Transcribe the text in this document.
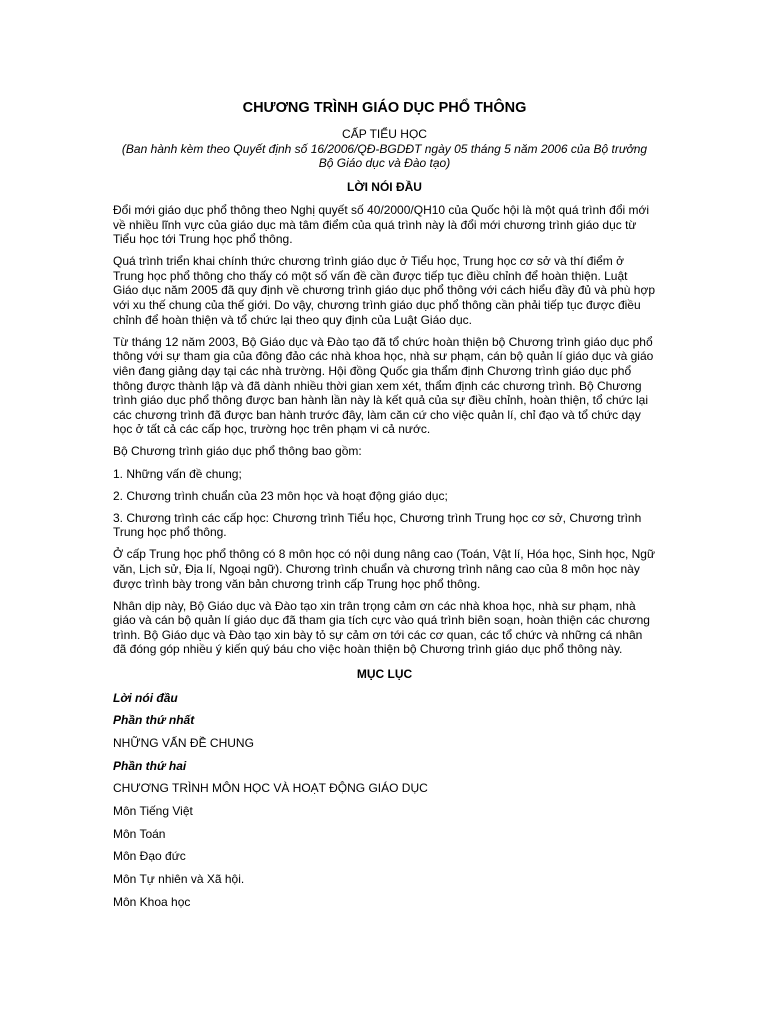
CHƯƠNG TRÌNH GIÁO DỤC PHỔ THÔNG

CẤP TIỂU HỌC

(Ban hành kèm theo Quyết định số 16/2006/QĐ-BGDĐT ngày 05 tháng 5 năm 2006 của Bộ trưởng Bộ Giáo dục và Đào tạo)

LỜI NÓI ĐẦU

Đổi mới giáo dục phổ thông theo Nghị quyết số 40/2000/QH10 của Quốc hội là một quá trình đổi mới về nhiều lĩnh vực của giáo dục mà tâm điểm của quá trình này là đổi mới chương trình giáo dục từ Tiểu học tới Trung học phổ thông.

Quá trình triển khai chính thức chương trình giáo dục ở Tiểu học, Trung học cơ sở và thí điểm ở Trung học phổ thông cho thấy có một số vấn đề cần được tiếp tục điều chỉnh để hoàn thiện. Luật Giáo dục năm 2005 đã quy định về chương trình giáo dục phổ thông với cách hiểu đầy đủ và phù hợp với xu thế chung của thế giới. Do vậy, chương trình giáo dục phổ thông cần phải tiếp tục được điều chỉnh để hoàn thiện và tổ chức lại theo quy định của Luật Giáo dục.

Từ tháng 12 năm 2003, Bộ Giáo dục và Đào tạo đã tổ chức hoàn thiện bộ Chương trình giáo dục phổ thông với sự tham gia của đông đảo các nhà khoa học, nhà sư phạm, cán bộ quản lí giáo dục và giáo viên đang giảng dạy tại các nhà trường. Hội đồng Quốc gia thẩm định Chương trình giáo dục phổ thông được thành lập và đã dành nhiều thời gian xem xét, thẩm định các chương trình. Bộ Chương trình giáo dục phổ thông được ban hành lần này là kết quả của sự điều chỉnh, hoàn thiện, tổ chức lại các chương trình đã được ban hành trước đây, làm căn cứ cho việc quản lí, chỉ đạo và tổ chức dạy học ở tất cả các cấp học, trường học trên phạm vi cả nước.

Bộ Chương trình giáo dục phổ thông bao gồm:

1. Những vấn đề chung;

2. Chương trình chuẩn của 23 môn học và hoạt động giáo dục;

3. Chương trình các cấp học: Chương trình Tiểu học, Chương trình Trung học cơ sở, Chương trình Trung học phổ thông.

Ở cấp Trung học phổ thông có 8 môn học có nội dung nâng cao (Toán, Vật lí, Hóa học, Sinh học, Ngữ văn, Lịch sử, Địa lí, Ngoại ngữ). Chương trình chuẩn và chương trình nâng cao của 8 môn học này được trình bày trong văn bản chương trình cấp Trung học phổ thông.

Nhân dịp này, Bộ Giáo dục và Đào tạo xin trân trọng cảm ơn các nhà khoa học, nhà sư phạm, nhà giáo và cán bộ quản lí giáo dục đã tham gia tích cực vào quá trình biên soạn, hoàn thiện các chương trình. Bộ Giáo dục và Đào tạo xin bày tỏ sự cảm ơn tới các cơ quan, các tổ chức và những cá nhân đã đóng góp nhiều ý kiến quý báu cho việc hoàn thiện bộ Chương trình giáo dục phổ thông này.

MỤC LỤC

Lời nói đầu

Phần thứ nhất

NHỮNG VẤN ĐỀ CHUNG

Phần thứ hai

CHƯƠNG TRÌNH MÔN HỌC VÀ HOẠT ĐỘNG GIÁO DỤC

Môn Tiếng Việt

Môn Toán

Môn Đạo đức

Môn Tự nhiên và Xã hội.

Môn Khoa học
